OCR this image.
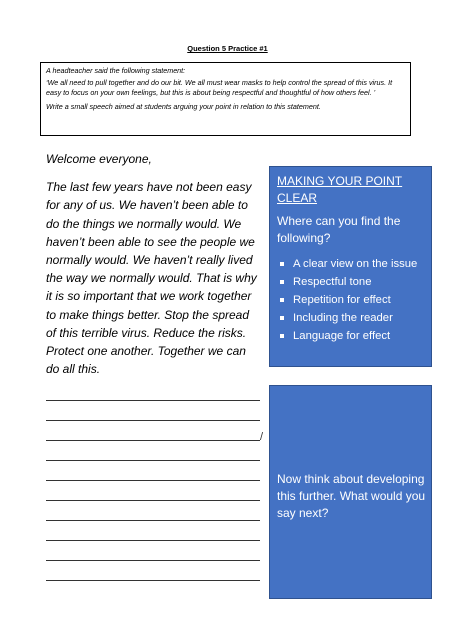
Question 5 Practice #1

A headteacher said the following statement:

‘We all need to pull together and do our bit. We all must wear masks to help control the spread of this virus. It easy to focus on your own feelings, but this is about being respectful and thoughtful of how others feel. ’

Write a small speech aimed at students arguing your point in relation to this statement.

Welcome everyone,

The last few years have not been easy for any of us. We haven’t been able to do the things we normally would. We haven’t been able to see the people we normally would. We haven’t really lived the way we normally would. That is why it is so important that we work together to make things better. Stop the spread of this terrible virus. Reduce the risks. Protect one another. Together we can do all this.

MAKING YOUR POINT CLEAR

Where can you find the following?

A clear view on the issue
Respectful tone
Repetition for effect
Including the reader
Language for effect

Now think about developing this further. What would you say next?

/
